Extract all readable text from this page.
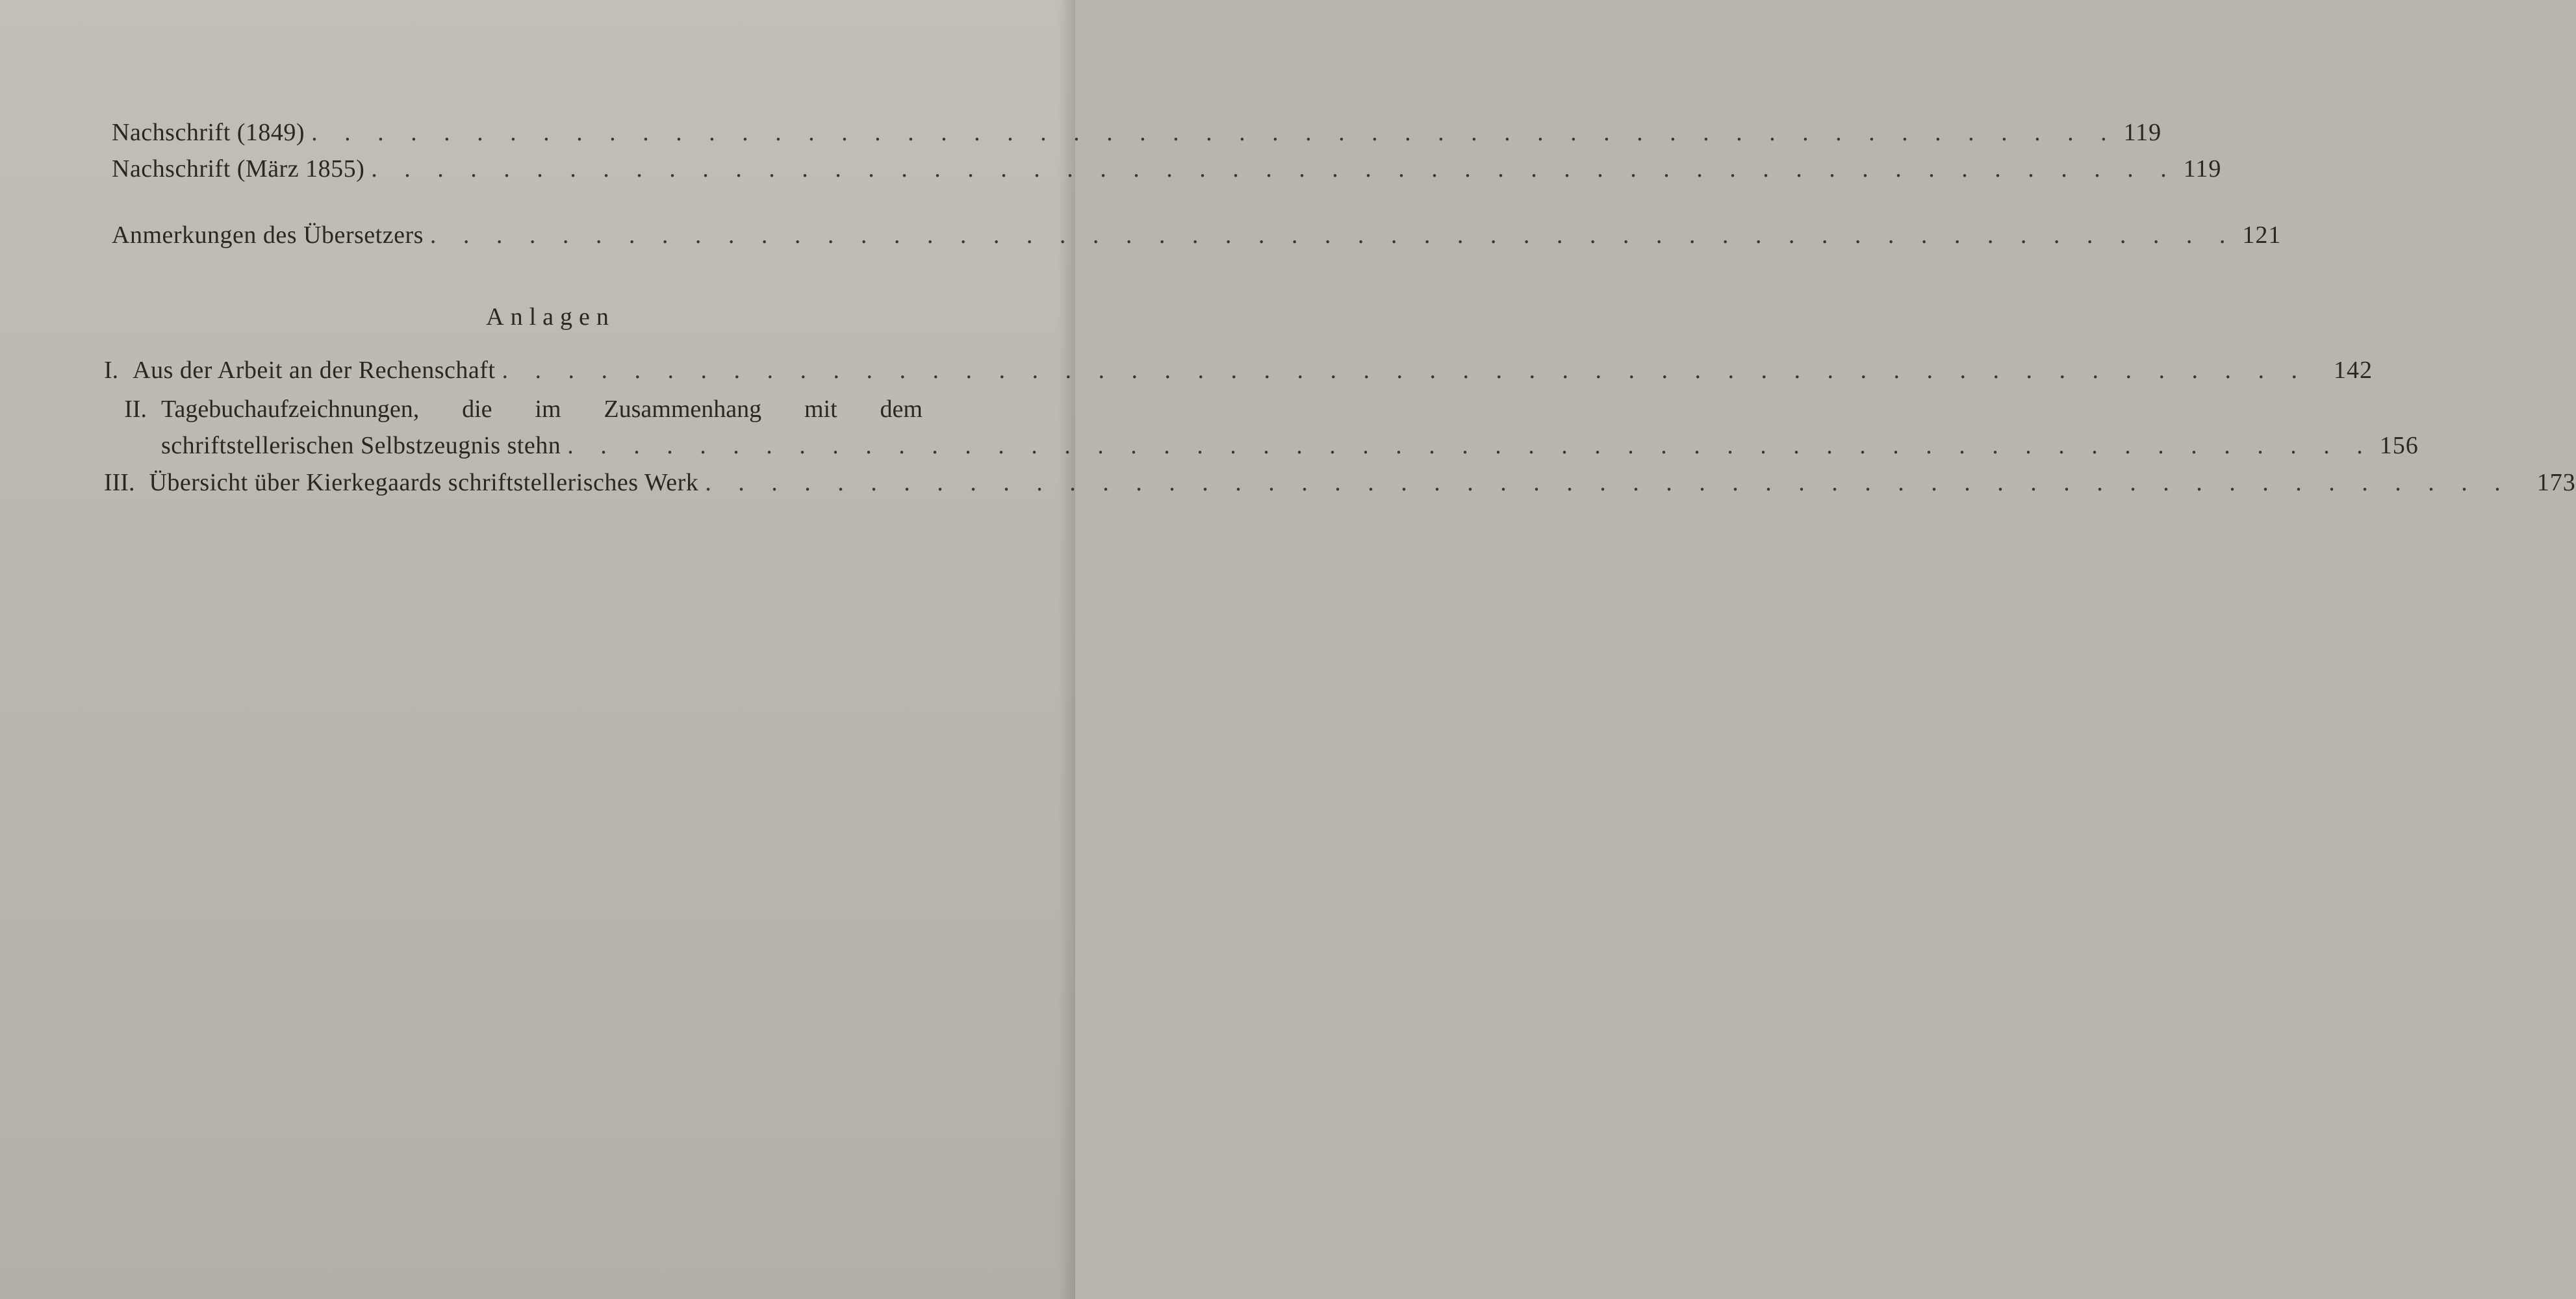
Nachschrift (1849) . . .	119
Nachschrift (März 1855) . . .	119
Anmerkungen des Übersetzers . . .	121
Anlagen
I. Aus der Arbeit an der Rechenschaft . . .	142
II. Tagebuchaufzeichnungen, die im Zusammenhang mit dem
schriftstellerischen Selbstzeugnis stehn . . .	156
III. Übersicht über Kierkegaards schriftstellerisches Werk . . .	173
